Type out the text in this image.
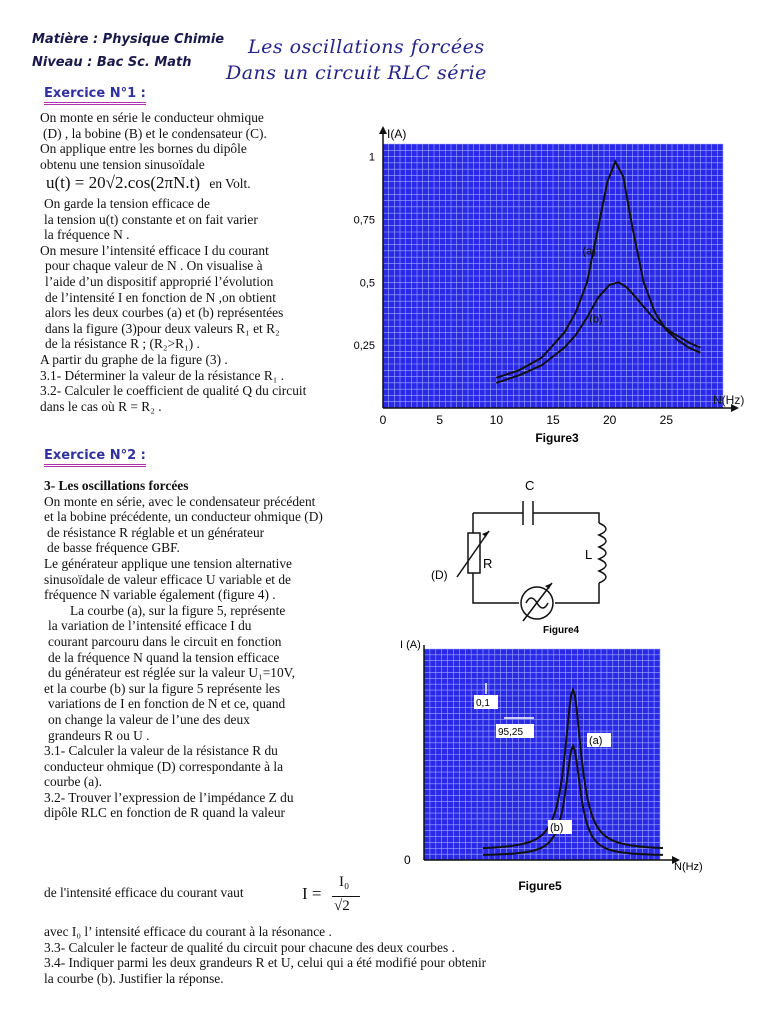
Matière : Physique Chimie
Niveau : Bac Sc. Math
Les oscillations forcées
Dans un circuit RLC série
Exercice N°1 :
On monte en série le conducteur ohmique
(D) , la bobine (B) et le condensateur (C).
On applique entre les bornes du dipôle
obtenu une tension sinusoïdale
u(t) = 20√2.cos(2πN.t) en Volt.
On garde la tension efficace de
la tension u(t) constante et on fait varier
la fréquence N .
On mesure l’intensité efficace I du courant
pour chaque valeur de N . On visualise à
l’aide d’un dispositif approprié l’évolution
de l’intensité I en fonction de N ,on obtient
alors les deux courbes (a) et (b) représentées
dans la figure (3)pour deux valeurs R₁ et R₂
de la résistance R ; (R₂>R₁) .
A partir du graphe de la figure (3) .
3.1- Déterminer la valeur de la résistance R₁ .
3.2- Calculer le coefficient de qualité Q du circuit
dans le cas où R = R₂ .
0	5	10	15	20	25
0,25
0,5
0,75
1
I(A)
N(Hz)
(a)
(b)
Figure3
Exercice N°2 :
3- Les oscillations forcées
On monte en série, avec le condensateur précédent
et la bobine précédente, un conducteur ohmique (D)
de résistance R réglable et un générateur
de basse fréquence GBF.
Le générateur applique une tension alternative
sinusoïdale de valeur efficace U variable et de
fréquence N variable également (figure 4) .
La courbe (a), sur la figure 5, représente
la variation de l’intensité efficace I du
courant parcouru dans le circuit en fonction
de la fréquence N quand la tension efficace
du générateur est réglée sur la valeur U₁=10V,
et la courbe (b) sur la figure 5 représente les
variations de I en fonction de N et ce, quand
on change la valeur de l’une des deux
grandeurs R ou U .
3.1- Calculer la valeur de la résistance R du
conducteur ohmique (D) correspondante à la
courbe (a).
3.2- Trouver l’expression de l’impédance Z du
dipôle RLC en fonction de R quand la valeur
de l'intensité efficace du courant vaut	I =
I₀
√2
avec I₀ l’ intensité efficace du courant à la résonance .
3.3- Calculer le facteur de qualité du circuit pour chacune des deux courbes .
3.4- Indiquer parmi les deux grandeurs R et U, celui qui a été modifié pour obtenir
la courbe (b). Justifier la réponse.
C
L
R
(D)
Figure4
I (A)
N(Hz)
0
0,1
95,25
(a)
(b)
Figure5
